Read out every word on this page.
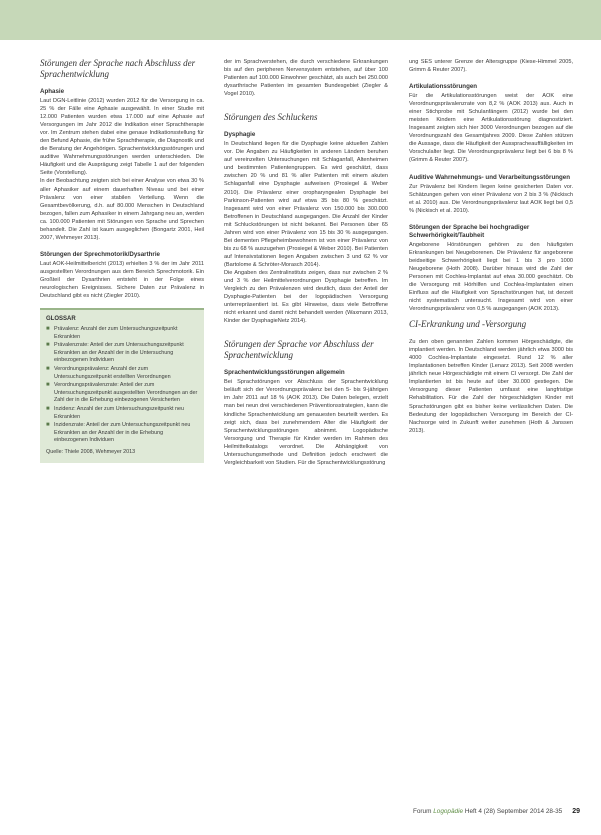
Störungen der Sprache nach Abschluss der Sprachentwicklung
Aphasie

Laut DGN-Leitlinie (2012) wurden 2012 für die Versorgung in ca. 25 % der Fälle eine Aphasie ausgewählt. In einer Studie mit 12.000 Patienten wurden etwa 17.000 auf eine Aphasie auf Versorgungen im Jahr 2012 die Indikation einer Sprachtherapie vor. Im Zentrum stehen dabei eine genaue Indikationsstellung für den Befund Aphasie, die frühe Sprachtherapie, die Diagnostik und die Beratung der Angehörigen. Sprachentwicklungsstörungen und auditive Wahrnehmungsstörungen werden unterschieden. Die Häufigkeit und die Ausprägung zeigt Tabelle 1 auf der folgenden Seite (Vorstellung).

In der Beobachtung zeigten sich bei einer Analyse von etwa 30 % aller Aphasiker auf einem dauerhaften Niveau und bei einer Prävalenz von einer stabilen Verteilung. Wenn die Gesamtbevölkerung, d.h. auf 80.000 Menschen in Deutschland bezogen, fallen zum Aphasiker in einem Jahrgang neu an, werden ca. 100.000 Patienten mit Störungen von Sprache und Sprechen behandelt. Die Zahl ist kaum ausgeglichen (Bongartz 2001, Heil 2007, Wehmeyer 2013).

Störungen der Sprechmotorik/Dysarthrie

Laut AOK-Heilmittelbericht (2013) erhielten 3 % der im Jahr 2011 ausgestellten Verordnungen aus dem Bereich Sprechmotorik. Ein Großteil der Dysarthrien entsteht in der Folge eines neurologischen Ereignisses. Sichere Daten zur Prävalenz in Deutschland gibt es nicht (Ziegler 2010).

GLOSSAR
■ Prävalenz: Anzahl der zum Untersuchungszeitpunkt Erkrankten
■ Prävalenzrate: Anteil der zum Untersuchungszeitpunkt Erkrankten an der Anzahl der in die Untersuchung einbezogenen Individuen
■ Verordnungsprävalenz: Anzahl der zum Untersuchungszeitpunkt erstellten Verordnungen
■ Verordnungsprävalenzrate: Anteil der zum Untersuchungszeitpunkt ausgestellten Verordnungen an der Zahl der in die Erhebung einbezogenen Versicherten
■ Inzidenz: Anzahl der zum Untersuchungszeitpunkt neu Erkrankten
■ Inzidenzrate: Anteil der zum Untersuchungszeitpunkt neu Erkrankten an der Anzahl der in die Erhebung einbezogenen Individuen
Quelle: Thiele 2008, Wehmeyer 2013

der im Sprachverstehen, die durch verschiedene Erkrankungen bis auf den peripheren Nervensystem entstehen, auf über 100 Patienten auf 100.000 Einwohner geschätzt, als auch bei 250.000 dysarthrische Patienten im gesamten Bundesgebiet (Ziegler & Vogel 2010).

Störungen des Schluckens
Dysphagie

In Deutschland liegen für die Dysphagie keine aktuellen Zahlen vor. Die Angaben zu Häufigkeiten in anderen Ländern beruhen auf vereinzelten Untersuchungen mit Schlaganfall, Altenheimen und bestimmten Patientengruppen. Es wird geschätzt, dass zwischen 20 % und 81 % aller Patienten mit einem akuten Schlaganfall eine Dysphagie aufweisen (Prosiegel & Weber 2010). Die Prävalenz einer oropharyngealen Dysphagie bei Parkinson-Patienten wird auf etwa 35 bis 80 % geschätzt. Insgesamt wird von einer Prävalenz von 150.000 bis 300.000 Betroffenen in Deutschland ausgegangen. Die Anzahl der Kinder mit Schluckstörungen ist nicht bekannt. Bei Personen über 65 Jahren wird von einer Prävalenz von 15 bis 30 % ausgegangen. Bei dementen Pflegeheimbewohnern ist von einer Prävalenz von bis zu 68 % auszugehen (Prosiegel & Weber 2010). Bei Patienten auf Intensivstationen liegen Angaben zwischen 3 und 62 % vor (Bartolome & Schröter-Morasch 2014).

Die Angaben des Zentralinstituts zeigen, dass nur zwischen 2 % und 3 % der Heilmittelverordnungen Dysphagie betreffen. Im Vergleich zu den Prävalenzen wird deutlich, dass der Anteil der Dysphagie-Patienten bei der logopädischen Versorgung unterrepräsentiert ist. Es gibt Hinweise, dass viele Betroffene nicht erkannt und damit nicht behandelt werden (Waxmann 2013, Kinder der DysphagieNetz 2014).

Störungen der Sprache vor Abschluss der Sprachentwicklung
Sprachentwicklungsstörungen allgemein

Bei Sprachstörungen vor Abschluss der Sprachentwicklung beläuft sich der Verordnungsprävalenz bei den 5- bis 9-jährigen im Jahr 2011 auf 18 % (AOK 2013). Die Daten belegen, erzielt man bei neun drei verschiedenen Präventionsstrategien, kann die kindliche Sprachentwicklung am genauesten beurteilt werden. Es zeigt sich, dass bei zunehmendem Alter die Häufigkeit der Sprachentwicklungsstörungen abnimmt. Logopädische Versorgung und Therapie für Kinder werden im Rahmen des Heilmittelkatalogs verordnet. Die Abhängigkeit von Untersuchungsmethode und Definition jedoch erschwert die Vergleichbarkeit von Studien. Für die Sprachentwicklungsstörung

ung SES unterer Grenze der Altersgruppe (Kiese-Himmel 2005, Grimm & Reuter 2007).

Artikulationsstörungen

Für die Artikulationsstörungen weist der AOK eine Verordnungsprävalenzrate von 8,2 % (AOK 2013) aus. Auch in einer Stichprobe mit Schulanfängern (2012) wurde bei den meisten Kindern eine Artikulationsstörung diagnostiziert. Insgesamt zeigten sich hier 3000 Verordnungen bezogen auf die Verordnungszahl des Gesamtjahres 2009. Diese Zahlen stützen die Aussage, dass die Häufigkeit der Ausspracheauffälligkeiten im Vorschulalter liegt. Die Verordnungsprävalenz liegt bei 6 bis 8 % (Grimm & Reuter 2007).

Auditive Wahrnehmungs- und Verarbeitungsstörungen

Zur Prävalenz bei Kindern liegen keine gesicherten Daten vor. Schätzungen gehen von einer Prävalenz von 2 bis 3 % (Nickisch et al. 2010) aus. Die Verordnungsprävalenz laut AOK liegt bei 0,5 % (Nickisch et al. 2010).

Störungen der Sprache bei hochgradiger Schwerhörigkeit/Taubheit

Angeborene Hörstörungen gehören zu den häufigsten Erkrankungen bei Neugeborenen. Die Prävalenz für angeborene beidseitige Schwerhörigkeit liegt bei 1 bis 3 pro 1000 Neugeborene (Hoth 2008). Darüber hinaus wird die Zahl der Personen mit Cochlea-Implantat auf etwa 30.000 geschätzt. Ob die Versorgung mit Hörhilfen und Cochlea-Implantaten einen Einfluss auf die Häufigkeit von Sprachstörungen hat, ist derzeit nicht systematisch untersucht. Insgesamt wird von einer Verordnungsprävalenz von 0,5 % ausgegangen (AOK 2013).

CI-Erkrankung und -Versorgung

Zu den oben genannten Zahlen kommen Hörgeschädigte, die implantiert werden. In Deutschland werden jährlich etwa 3000 bis 4000 Cochlea-Implantate eingesetzt. Rund 12 % aller Implantationen betreffen Kinder (Lenarz 2013). Seit 2008 werden jährlich neue Hörgeschädigte mit einem CI versorgt. Die Zahl der Implantierten ist bis heute auf über 30.000 gestiegen. Die Versorgung dieser Patienten umfasst eine langfristige Rehabilitation. Für die Zahl der hörgeschädigten Kinder mit Sprachstörungen gibt es bisher keine verlässlichen Daten. Die Bedeutung der logopädischen Versorgung im Bereich der CI-Nachsorge wird in Zukunft weiter zunehmen (Hoth & Janssen 2013).

Forum Logopädie Heft 4 (28) September 2014 28-35 29
